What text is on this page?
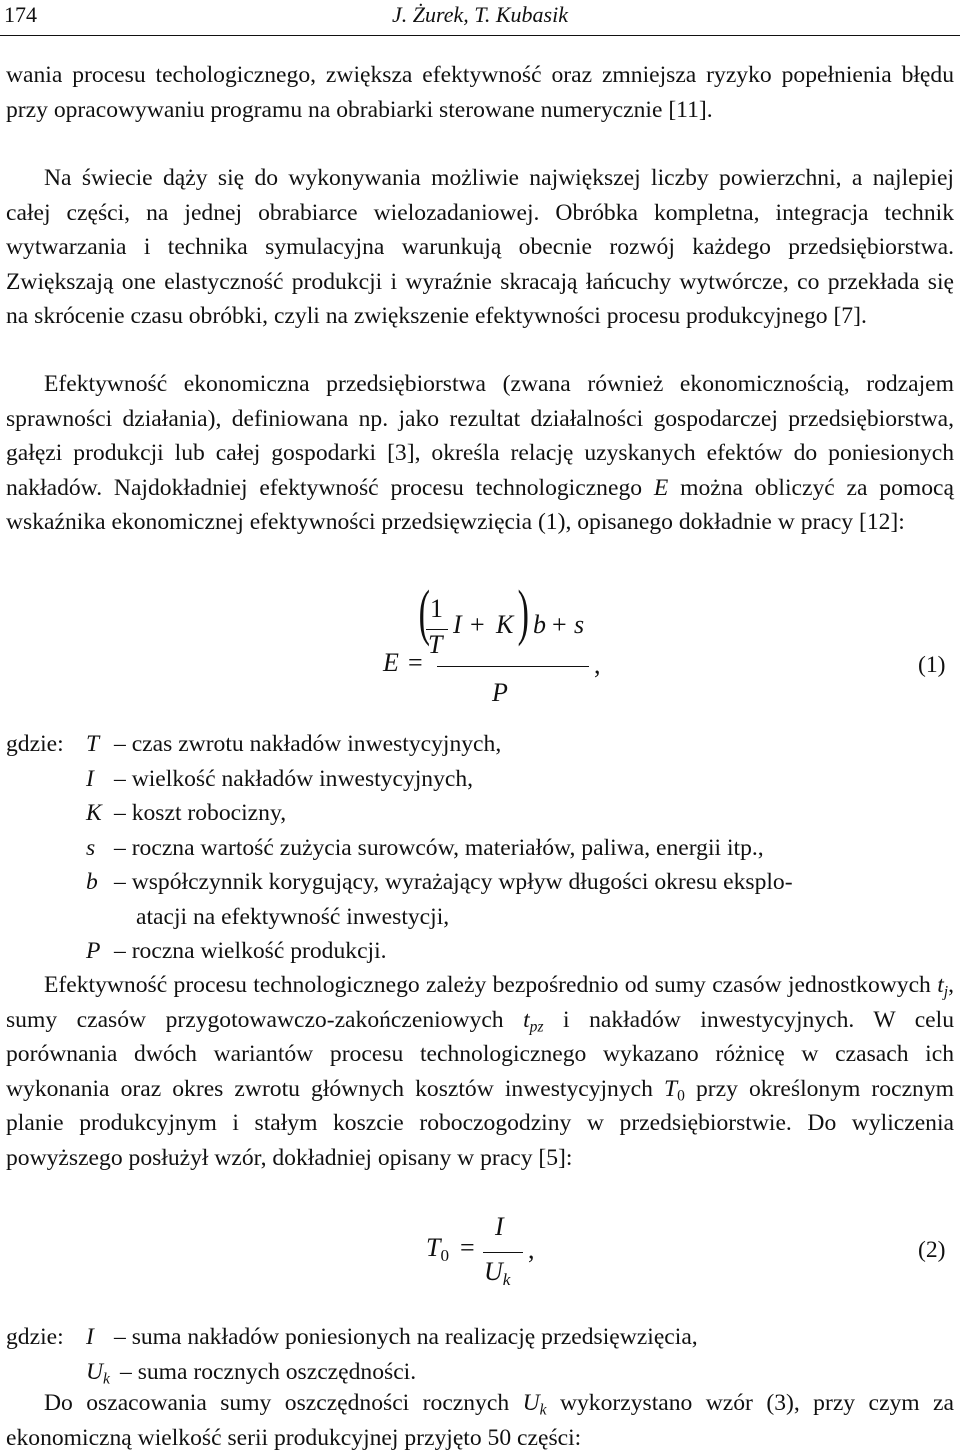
174	J. Żurek, T. Kubasik

wania procesu techologicznego, zwiększa efektywność oraz zmniejsza ryzyko popełnienia błędu przy opracowywaniu programu na obrabiarki sterowane numerycznie [11].

Na świecie dąży się do wykonywania możliwie największej liczby powierzchni, a najlepiej całej części, na jednej obrabiarce wielozadaniowej. Obróbka kompletna, integracja technik wytwarzania i technika symulacyjna warunkują obecnie rozwój każdego przedsiębiorstwa. Zwiększają one elastyczność produkcji i wyraźnie skracają łańcuchy wytwórcze, co przekłada się na skrócenie czasu obróbki, czyli na zwiększenie efektywności procesu produkcyjnego [7].

Efektywność ekonomiczna przedsiębiorstwa (zwana również ekonomicznością, rodzajem sprawności działania), definiowana np. jako rezultat działalności gospodarczej przedsiębiorstwa, gałęzi produkcji lub całej gospodarki [3], określa relację uzyskanych efektów do poniesionych nakładów. Najdokładniej efektywność procesu technologicznego E można obliczyć za pomocą wskaźnika ekonomicznej efektywności przedsięwzięcia (1), opisanego dokładnie w pracy [12]:

E =
( )
1
T
I + K b + s
P
,	(1)
gdzie: T – czas zwrotu nakładów inwestycyjnych,
I – wielkość nakładów inwestycyjnych,
K – koszt robocizny,
s – roczna wartość zużycia surowców, materiałów, paliwa, energii itp.,
b – współczynnik korygujący, wyrażający wpływ długości okresu eksplo-
atacji na efektywność inwestycji,
P – roczna wielkość produkcji.

Efektywność procesu technologicznego zależy bezpośrednio od sumy czasów jednostkowych $t_j$, sumy czasów przygotowawczo-zakończeniowych $t_{pz}$ i nakładów inwestycyjnych. W celu porównania dwóch wariantów procesu technologicznego wykazano różnicę w czasach ich wykonania oraz okres zwrotu głównych kosztów inwestycyjnych $T_0$ przy określonym rocznym planie produkcyjnym i stałym koszcie roboczogodziny w przedsiębiorstwie. Do wyliczenia powyższego posłużył wzór, dokładniej opisany w pracy [5]:

$T_0$ =
I
$U_k$
,	(2)
gdzie: I – suma nakładów poniesionych na realizację przedsięwzięcia,
$U_k$ – suma rocznych oszczędności.

Do oszacowania sumy oszczędności rocznych $U_k$ wykorzystano wzór (3), przy czym za ekonomiczną wielkość serii produkcyjnej przyjęto 50 części:
